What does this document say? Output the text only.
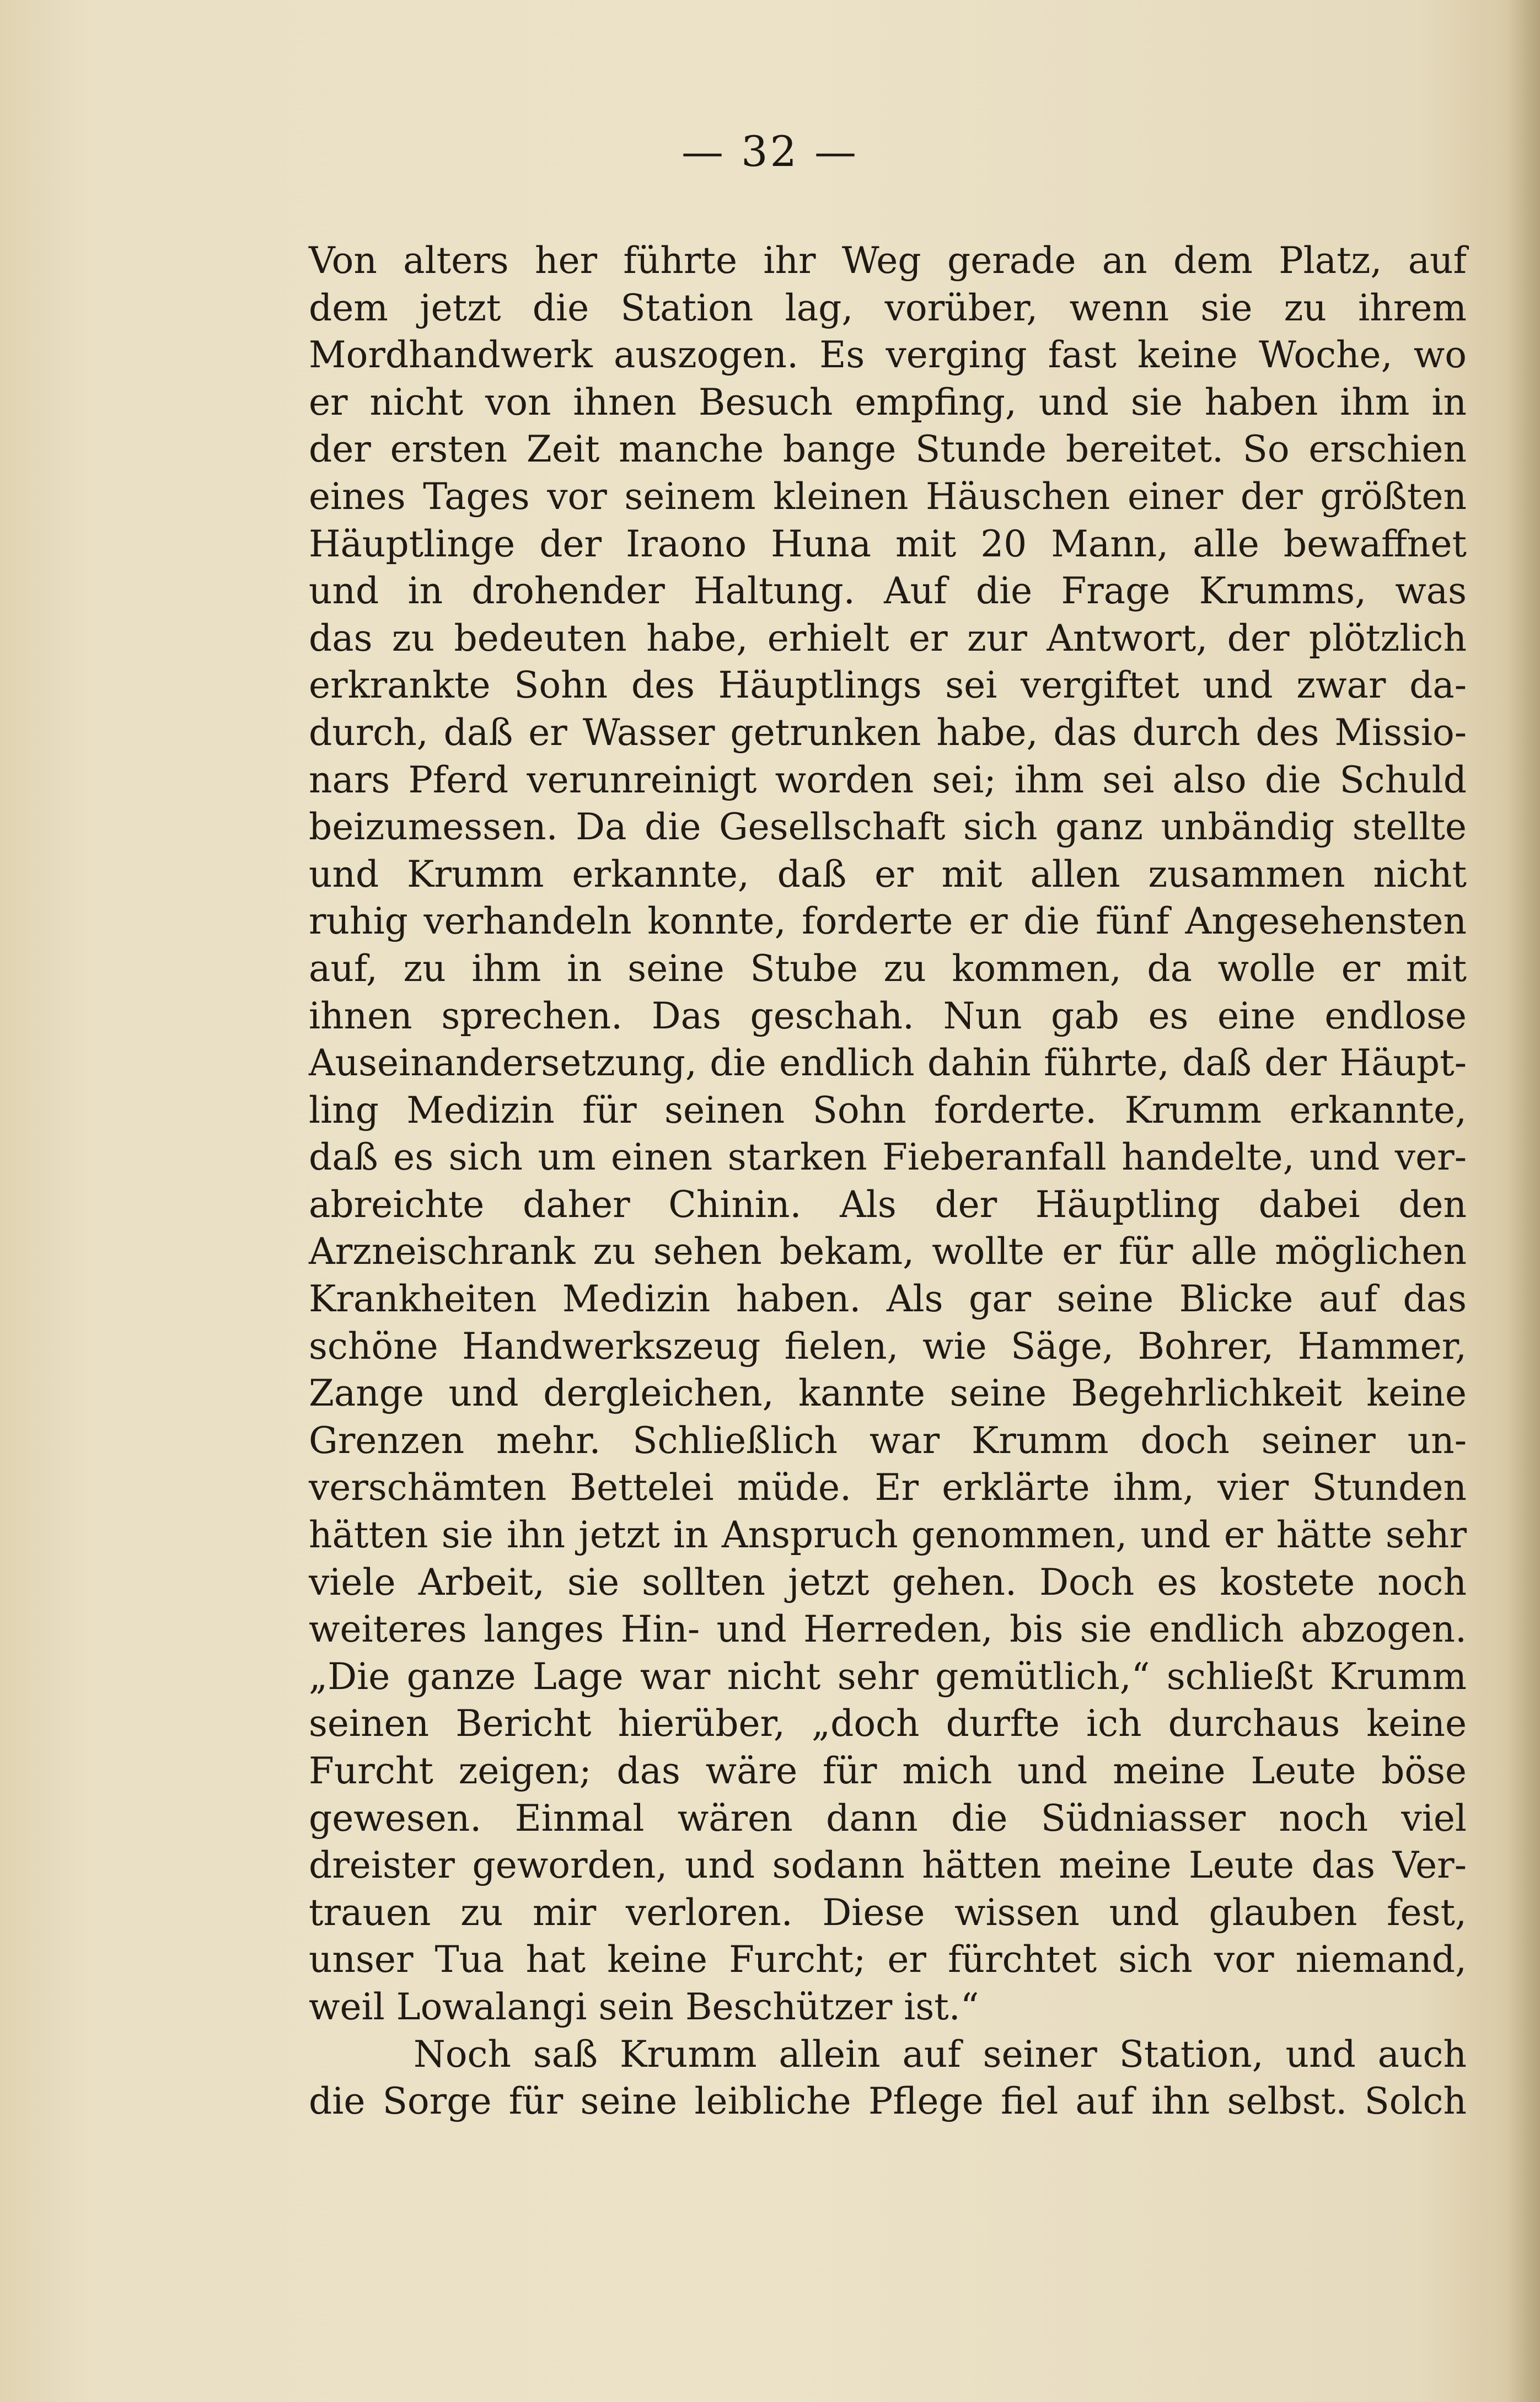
— 32 —
Von alters her führte ihr Weg gerade an dem Platz, auf
dem jetzt die Station lag, vorüber, wenn sie zu ihrem
Mordhandwerk auszogen. Es verging fast keine Woche, wo
er nicht von ihnen Besuch empfing, und sie haben ihm in
der ersten Zeit manche bange Stunde bereitet. So erschien
eines Tages vor seinem kleinen Häuschen einer der größten
Häuptlinge der Iraono Huna mit 20 Mann, alle bewaffnet
und in drohender Haltung. Auf die Frage Krumms, was
das zu bedeuten habe, erhielt er zur Antwort, der plötzlich
erkrankte Sohn des Häuptlings sei vergiftet und zwar da-
durch, daß er Wasser getrunken habe, das durch des Missio-
nars Pferd verunreinigt worden sei; ihm sei also die Schuld
beizumessen. Da die Gesellschaft sich ganz unbändig stellte
und Krumm erkannte, daß er mit allen zusammen nicht
ruhig verhandeln konnte, forderte er die fünf Angesehensten
auf, zu ihm in seine Stube zu kommen, da wolle er mit
ihnen sprechen. Das geschah. Nun gab es eine endlose
Auseinandersetzung, die endlich dahin führte, daß der Häupt-
ling Medizin für seinen Sohn forderte. Krumm erkannte,
daß es sich um einen starken Fieberanfall handelte, und ver-
abreichte daher Chinin. Als der Häuptling dabei den
Arzneischrank zu sehen bekam, wollte er für alle möglichen
Krankheiten Medizin haben. Als gar seine Blicke auf das
schöne Handwerkszeug fielen, wie Säge, Bohrer, Hammer,
Zange und dergleichen, kannte seine Begehrlichkeit keine
Grenzen mehr. Schließlich war Krumm doch seiner un-
verschämten Bettelei müde. Er erklärte ihm, vier Stunden
hätten sie ihn jetzt in Anspruch genommen, und er hätte sehr
viele Arbeit, sie sollten jetzt gehen. Doch es kostete noch
weiteres langes Hin- und Herreden, bis sie endlich abzogen.
„Die ganze Lage war nicht sehr gemütlich,“ schließt Krumm
seinen Bericht hierüber, „doch durfte ich durchaus keine
Furcht zeigen; das wäre für mich und meine Leute böse
gewesen. Einmal wären dann die Südniasser noch viel
dreister geworden, und sodann hätten meine Leute das Ver-
trauen zu mir verloren. Diese wissen und glauben fest,
unser Tua hat keine Furcht; er fürchtet sich vor niemand,
weil Lowalangi sein Beschützer ist.“
Noch saß Krumm allein auf seiner Station, und auch
die Sorge für seine leibliche Pflege fiel auf ihn selbst. Solch
